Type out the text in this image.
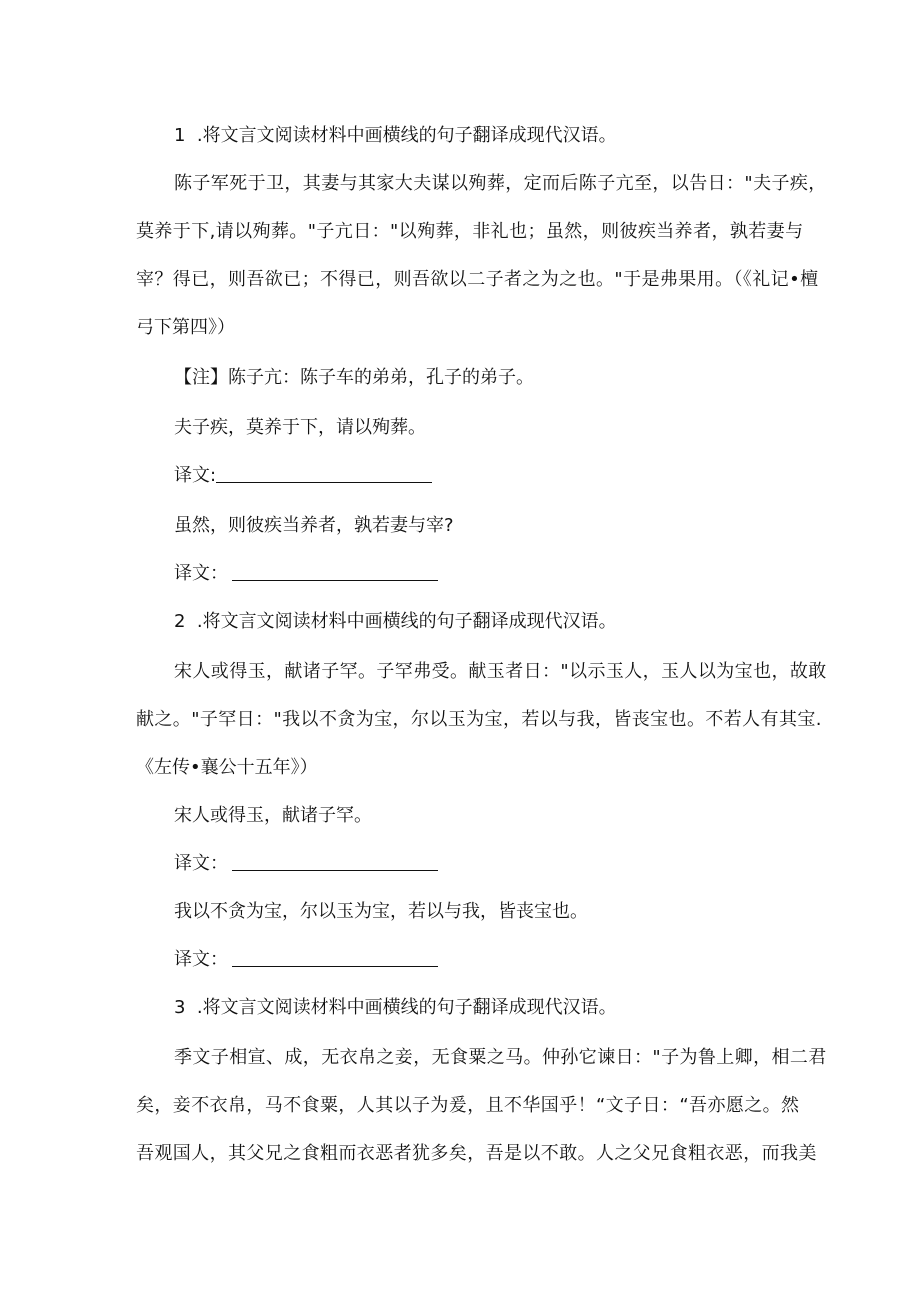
1  .将文言文阅读材料中画横线的句子翻译成现代汉语。
陈子军死于卫，其妻与其家大夫谋以殉葬，定而后陈子亢至，以告日："夫子疾，
莫养于下,请以殉葬。"子亢日："以殉葬，非礼也；虽然，则彼疾当养者，孰若妻与
宰？得已，则吾欲已；不得已，则吾欲以二子者之为之也。"于是弗果用。（《礼记•檀
弓下第四》）
【注】陈子亢：陈子车的弟弟，孔子的弟子。
夫子疾，莫养于下，请以殉葬。
译文:
虽然，则彼疾当养者，孰若妻与宰?
译文：
2  .将文言文阅读材料中画横线的句子翻译成现代汉语。
宋人或得玉，献诸子罕。子罕弗受。献玉者日："以示玉人，玉人以为宝也，故敢
献之。"子罕日："我以不贪为宝，尔以玉为宝，若以与我，皆丧宝也。不若人有其宝.
《左传•襄公十五年》）
宋人或得玉，献诸子罕。
译文：
我以不贪为宝，尔以玉为宝，若以与我，皆丧宝也。
译文：
3  .将文言文阅读材料中画横线的句子翻译成现代汉语。
季文子相宣、成，无衣帛之妾，无食粟之马。仲孙它谏日："子为鲁上卿，相二君
矣，妾不衣帛，马不食粟，人其以子为爰，且不华国乎！“文子日：“吾亦愿之。然
吾观国人，其父兄之食粗而衣恶者犹多矣，吾是以不敢。人之父兄食粗衣恶，而我美
